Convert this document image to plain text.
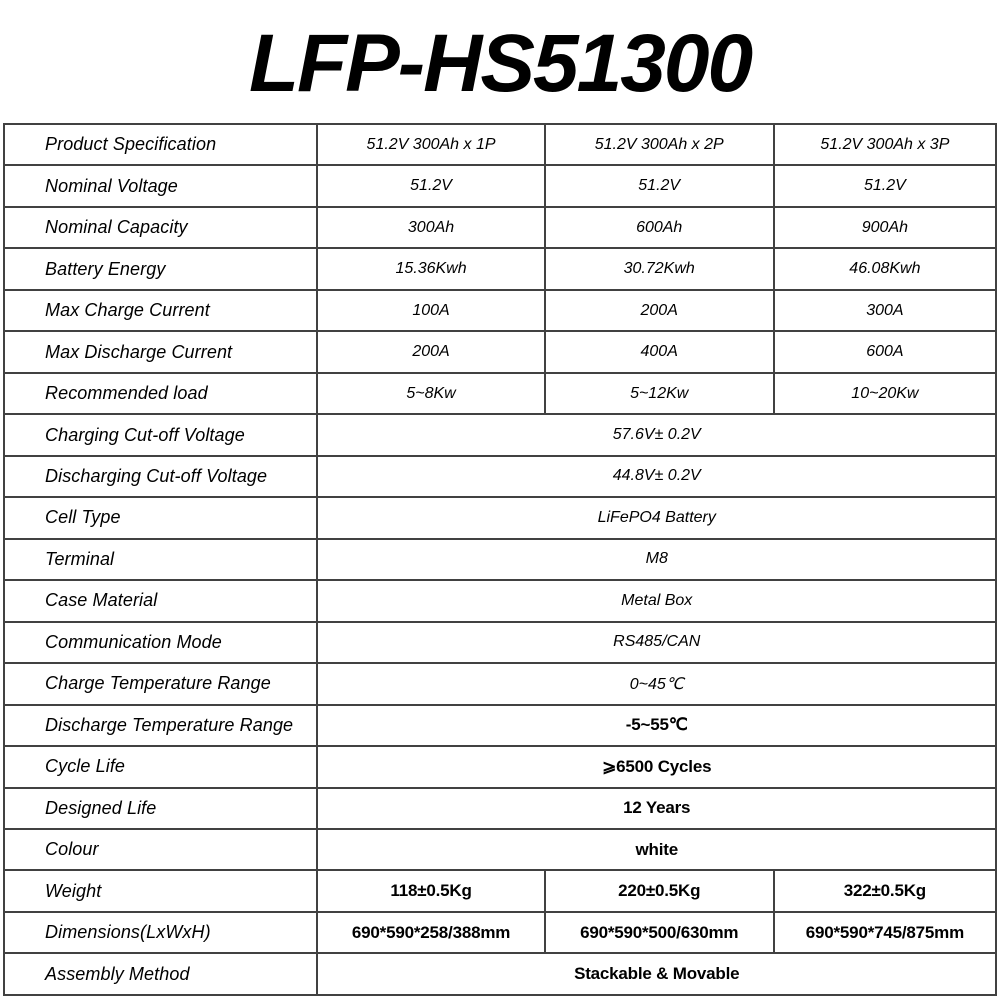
LFP-HS51300
Product Specification	51.2V 300Ah x 1P	51.2V 300Ah x 2P	51.2V 300Ah x 3P
Nominal Voltage	51.2V	51.2V	51.2V
Nominal Capacity	300Ah	600Ah	900Ah
Battery Energy	15.36Kwh	30.72Kwh	46.08Kwh
Max Charge Current	100A	200A	300A
Max Discharge Current	200A	400A	600A
Recommended load	5~8Kw	5~12Kw	10~20Kw
Charging Cut-off Voltage	57.6V± 0.2V		
Discharging Cut-off Voltage	44.8V± 0.2V		
Cell Type	LiFePO4 Battery		
Terminal	M8		
Case Material	Metal Box		
Communication Mode	RS485/CAN		
Charge Temperature Range	0~45℃		
Discharge Temperature Range	-5~55℃		
Cycle Life	⩾6500 Cycles		
Designed Life	12 Years		
Colour	white		
Weight	118±0.5Kg	220±0.5Kg	322±0.5Kg
Dimensions(LxWxH)	690*590*258/388mm	690*590*500/630mm	690*590*745/875mm
Assembly Method	Stackable & Movable		
